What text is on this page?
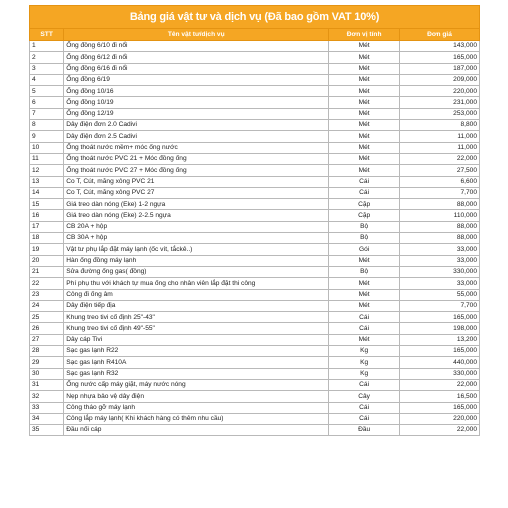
Bảng giá vật tư và dịch vụ (Đã bao gồm VAT 10%)
STT	Tên vật tư/dịch vụ	Đơn vị tính	Đơn giá
1	Ống đồng 6/10 đi nổi	Mét	143,000
2	Ống đồng 6/12 đi nổi	Mét	165,000
3	Ống đồng 6/16 đi nổi	Mét	187,000
4	Ống đồng 6/19	Mét	209,000
5	Ống đồng 10/16	Mét	220,000
6	Ống đồng 10/19	Mét	231,000
7	Ống đồng 12/19	Mét	253,000
8	Dây điện đơn 2.0 Cadivi	Mét	8,800
9	Dây điện đơn 2.5 Cadivi	Mét	11,000
10	Ống thoát nước mềm+ móc ống nước	Mét	11,000
11	Ống thoát nước PVC 21 + Móc đồng ống	Mét	22,000
12	Ống thoát nước PVC 27 + Móc đồng ống	Mét	27,500
13	Co T, Cút, măng xông PVC 21	Cái	6,600
14	Co T, Cút, măng xông PVC 27	Cái	7,700
15	Giá treo dàn nóng (Eke) 1-2 ngựa	Cặp	88,000
16	Giá treo dàn nóng (Eke) 2-2.5 ngựa	Cặp	110,000
17	CB 20A + hộp	Bộ	88,000
18	CB 30A + hộp	Bộ	88,000
19	Vật tư phụ lắp đặt máy lạnh (ốc vít, tắckê..)	Gói	33,000
20	Hàn ống đồng máy lạnh	Mét	33,000
21	Sửa đường ống gas( đồng)	Bộ	330,000
22	Phí phụ thu với khách tự mua ống cho nhân viên lắp đặt thi công	Mét	33,000
23	Công đi ống âm	Mét	55,000
24	Dây điện tiếp địa	Mét	7,700
25	Khung treo tivi cố định 25"-43"	Cái	165,000
26	Khung treo tivi cố định 49"-55"	Cái	198,000
27	Dây cáp Tivi	Mét	13,200
28	Sạc gas lạnh R22	Kg	165,000
29	Sạc gas lạnh R410A	Kg	440,000
30	Sạc gas lạnh R32	Kg	330,000
31	Ống nước cấp máy giặt, máy nước nóng	Cái	22,000
32	Nẹp nhựa bảo vệ dây điện	Cây	16,500
33	Công tháo gỡ máy lạnh	Cái	165,000
34	Công lắp máy lạnh( Khi khách hàng có thêm nhu cầu)	Cái	220,000
35	Đầu nối cáp	Đầu	22,000
